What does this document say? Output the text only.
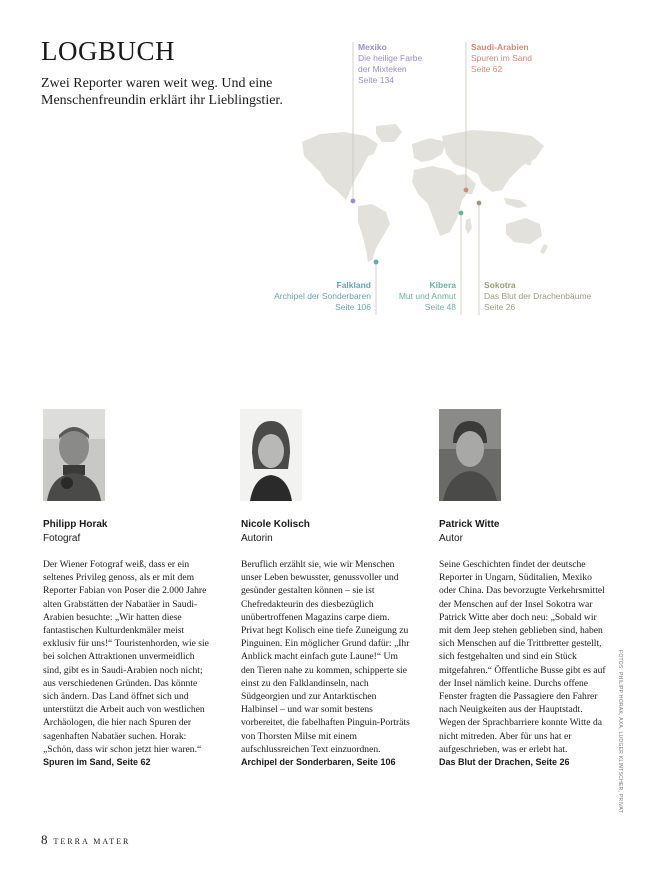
LOGBUCH
Zwei Reporter waren weit weg. Und eine Menschenfreundin erklärt ihr Lieblingstier.
Mexiko
Die heilige Farbe
der Mixteken
Seite 134
Saudi-Arabien
Spuren im Sand
Seite 62
Falkland
Archipel der Sonderbaren
Seite 106
Kibera
Mut und Anmut
Seite 48
Sokotra
Das Blut der Drachenbäume
Seite 26
Philipp Horak
Fotograf
Der Wiener Fotograf weiß, dass er ein seltenes Privileg genoss, als er mit dem Reporter Fabian von Poser die 2.000 Jahre alten Grabstätten der Nabatäer in Saudi-Arabien besuchte: „Wir hatten diese fantastischen Kulturdenkmäler meist exklusiv für uns!“ Touristenhorden, wie sie bei solchen Attraktionen unvermeidlich sind, gibt es in Saudi-Arabien noch nicht; aus verschiedenen Gründen. Das könnte sich ändern. Das Land öffnet sich und unterstützt die Arbeit auch von westlichen Archäologen, die hier nach Spuren der sagenhaften Nabatäer suchen. Horak: „Schön, dass wir schon jetzt hier waren.“
Spuren im Sand, Seite 62
Nicole Kolisch
Autorin
Beruflich erzählt sie, wie wir Menschen unser Leben bewusster, genussvoller und gesünder gestalten können – sie ist Chefredakteurin des diesbezüglich unübertroffenen Magazins carpe diem. Privat hegt Kolisch eine tiefe Zuneigung zu Pinguinen. Ein möglicher Grund dafür: „Ihr Anblick macht einfach gute Laune!“ Um den Tieren nahe zu kommen, schipperte sie einst zu den Falklandinseln, nach Südgeorgien und zur Antarktischen Halbinsel – und war somit bestens vorbereitet, die fabelhaften Pinguin-Porträts von Thorsten Milse mit einem aufschlussreichen Text einzuordnen.
Archipel der Sonderbaren, Seite 106
Patrick Witte
Autor
Seine Geschichten findet der deutsche Reporter in Ungarn, Süditalien, Mexiko oder China. Das bevorzugte Verkehrsmittel der Menschen auf der Insel Sokotra war Patrick Witte aber doch neu: „Sobald wir mit dem Jeep stehen geblieben sind, haben sich Menschen auf die Trittbretter gestellt, sich festgehalten und sind ein Stück mitgefahren.“ Öffentliche Busse gibt es auf der Insel nämlich keine. Durchs offene Fenster fragten die Passagiere den Fahrer nach Neuigkeiten aus der Hauptstadt. Wegen der Sprachbarriere konnte Witte da nicht mitreden. Aber für uns hat er aufgeschrieben, was er erlebt hat.
Das Blut der Drachen, Seite 26	FOTOS: PHILIPP HORAK, AXA, LUDGER KLINTSCHER, PRIVAT
8 TERRA MATER
